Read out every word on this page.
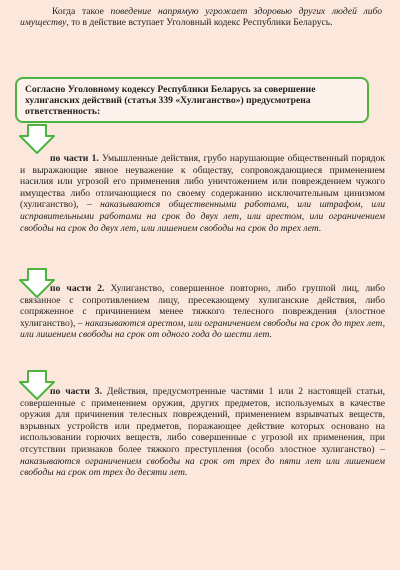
Когда такое поведение напрямую угрожает здоровью других людей либо имуществу, то в действие вступает Уголовный кодекс Республики Беларусь.

Согласно Уголовному кодексу Республики Беларусь за совершение хулиганских действий (статья 339 «Хулиганство») предусмотрена ответственность:

по части 1. Умышленные действия, грубо нарушающие общественный порядок и выражающие явное неуважение к обществу, сопровождающиеся применением насилия или угрозой его применения либо уничтожением или повреждением чужого имущества либо отличающиеся по своему содержанию исключительным цинизмом (хулиганство), – наказываются общественными работами, или штрафом, или исправительными работами на срок до двух лет, или арестом, или ограничением свободы на срок до двух лет, или лишением свободы на срок до трех лет.

по части 2. Хулиганство, совершенное повторно, либо группой лиц, либо связанное с сопротивлением лицу, пресекающему хулиганские действия, либо сопряженное с причинением менее тяжкого телесного повреждения (злостное хулиганство), – наказываются арестом, или ограничением свободы на срок до трех лет, или лишением свободы на срок от одного года до шести лет.

по части 3. Действия, предусмотренные частями 1 или 2 настоящей статьи, совершенные с применением оружия, других предметов, используемых в качестве оружия для причинения телесных повреждений, применением взрывчатых веществ, взрывных устройств или предметов, поражающее действие которых основано на использовании горючих веществ, либо совершенные с угрозой их применения, при отсутствии признаков более тяжкого преступления (особо злостное хулиганство) – наказываются ограничением свободы на срок от трех до пяти лет или лишением свободы на срок от трех до десяти лет.
